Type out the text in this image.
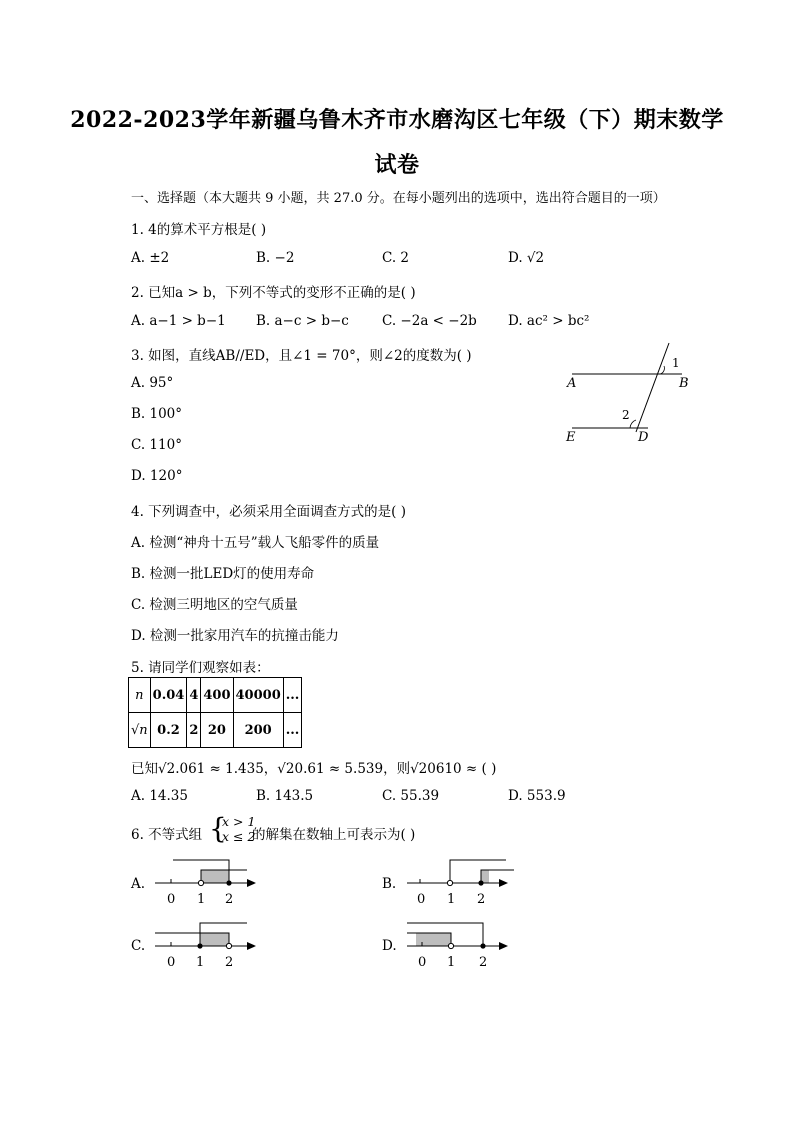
2022-2023学年新疆乌鲁木齐市水磨沟区七年级（下）期末数学
试卷
一、选择题（本大题共 9 小题，共 27.0 分。在每小题列出的选项中，选出符合题目的一项）
1. 4的算术平方根是( )
A. ±2	B. −2	C. 2	D. √2
2. 已知a > b，下列不等式的变形不正确的是( )
A. a−1 > b−1 B. a−c > b−c C. −2a < −2b D. ac² > bc²
3. 如图，直线AB//ED，且∠1 = 70°，则∠2的度数为( )
A. 95°
B. 100°
C. 110°
D. 120°
A	B
E	D
1
2
4. 下列调查中，必须采用全面调查方式的是( )
A. 检测“神舟十五号”载人飞船零件的质量
B. 检测一批LED灯的使用寿命
C. 检测三明地区的空气质量
D. 检测一批家用汽车的抗撞击能力
5. 请同学们观察如表：
n	0.04	4	400	40000	...
√n	0.2	2	20	200	...
已知√2.061 ≈ 1.435，√20.61 ≈ 5.539，则√20610 ≈ ( )
A. 14.35	B. 143.5	C. 55.39	D. 553.9
6. 不等式组 {
x > 1
x ≤ 2
的解集在数轴上可表示为( )
A.
0 1 2
B.
0 1 2
C.
0 1 2
D.
0 1 2
